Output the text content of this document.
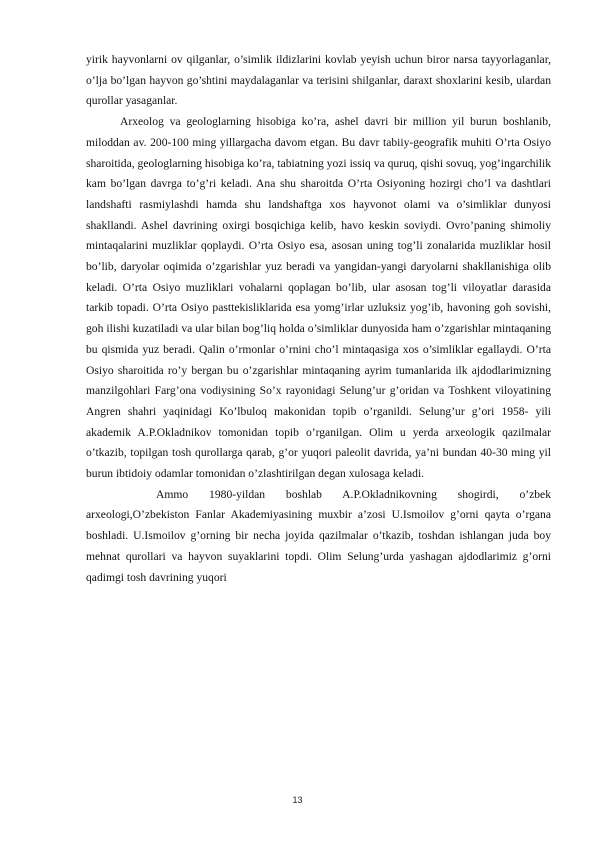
yirik hayvonlarni ov qilganlar, o’simlik ildizlarini kovlab yeyish uchun biror narsa tayyorlaganlar, o’lja bo’lgan hayvon go’shtini maydalaganlar va terisini shilganlar, daraxt shoxlarini kesib, ulardan qurollar yasaganlar.

Arxeolog va geologlarning hisobiga ko’ra, ashel davri bir million yil burun boshlanib, miloddan av. 200-100 ming yillargacha davom etgan. Bu davr tabiiy-geografik muhiti O’rta Osiyo sharoitida, geologlarning hisobiga ko’ra, tabiatning yozi issiq va quruq, qishi sovuq, yog’ingarchilik kam bo’lgan davrga to’g’ri keladi. Ana shu sharoitda O’rta Osiyoning hozirgi cho’l va dashtlari landshafti rasmiylashdi hamda shu landshaftga xos hayvonot olami va o’simliklar dunyosi shakllandi. Ashel davrining oxirgi bosqichiga kelib, havo keskin soviydi. Ovro’paning shimoliy mintaqalarini muzliklar qoplaydi. O’rta Osiyo esa, asosan uning tog’li zonalarida muzliklar hosil bo’lib, daryolar oqimida o’zgarishlar yuz beradi va yangidan-yangi daryolarni shakllanishiga olib keladi. O’rta Osiyo muzliklari vohalarni qoplagan bo’lib, ular asosan tog’li viloyatlar darasida tarkib topadi. O’rta Osiyo pasttekisliklarida esa yomg’irlar uzluksiz yog’ib, havoning goh sovishi, goh ilishi kuzatiladi va ular bilan bog’liq holda o’simliklar dunyosida ham o’zgarishlar mintaqaning bu qismida yuz beradi. Qalin o’rmonlar o’rnini cho’l mintaqasiga xos o’simliklar egallaydi. O’rta Osiyo sharoitida ro’y bergan bu o’zgarishlar mintaqaning ayrim tumanlarida ilk ajdodlarimizning manzilgohlari Farg’ona vodiysining So’x rayonidagi Selung’ur g’oridan va Toshkent viloyatining Angren shahri yaqinidagi Ko’lbuloq makonidan topib o’rganildi. Selung’ur g’ori 1958- yili akademik A.P.Okladnikov tomonidan topib o’rganilgan. Olim u yerda arxeologik qazilmalar o’tkazib, topilgan tosh qurollarga qarab, g’or yuqori paleolit davrida, ya’ni bundan 40-30 ming yil burun ibtidoiy odamlar tomonidan o’zlashtirilgan degan xulosaga keladi.

Ammo 1980-yildan boshlab A.P.Okladnikovning shogirdi, o’zbek arxeologi,O’zbekiston Fanlar Akademiyasining muxbir a’zosi U.Ismoilov g’orni qayta o’rgana boshladi. U.Ismoilov g’orning bir necha joyida qazilmalar o’tkazib, toshdan ishlangan juda boy mehnat qurollari va hayvon suyaklarini topdi. Olim Selung’urda yashagan ajdodlarimiz g’orni qadimgi tosh davrining yuqori

13
